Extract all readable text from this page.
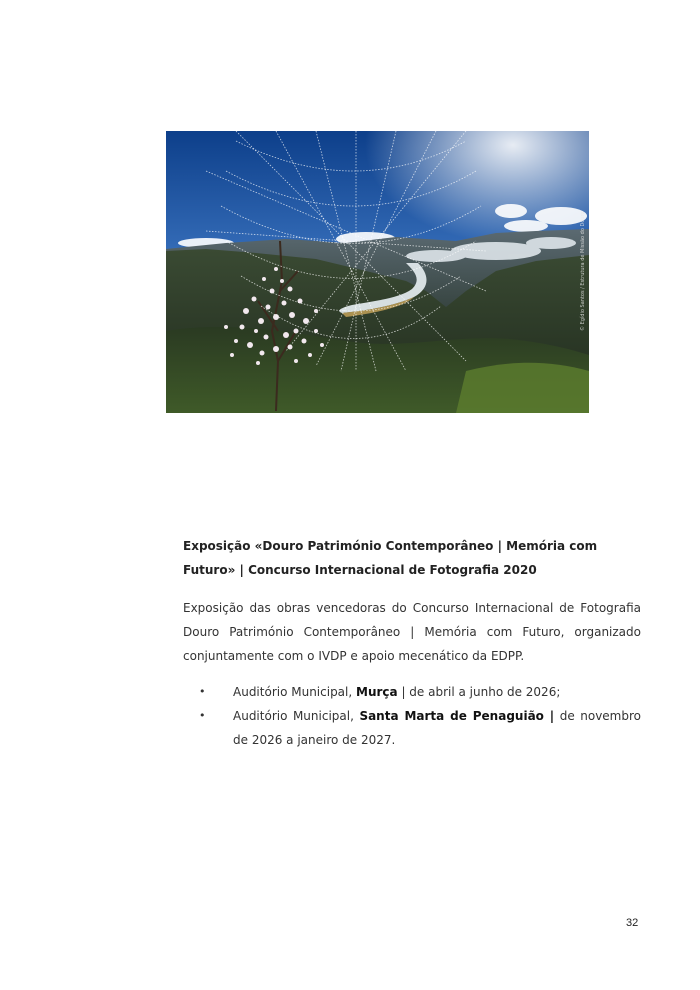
© Egídio Santos / Estrutura de Missão do Douro

Exposição «Douro Património Contemporâneo | Memória com Futuro» | Concurso Internacional de Fotografia 2020

Exposição das obras vencedoras do Concurso Internacional de Fotografia Douro Património Contemporâneo | Memória com Futuro, organizado conjuntamente com o IVDP e apoio mecenático da EDPP.

• Auditório Municipal, Murça | de abril a junho de 2026;
• Auditório Municipal, Santa Marta de Penaguião | de novembro de 2026 a janeiro de 2027.
32
